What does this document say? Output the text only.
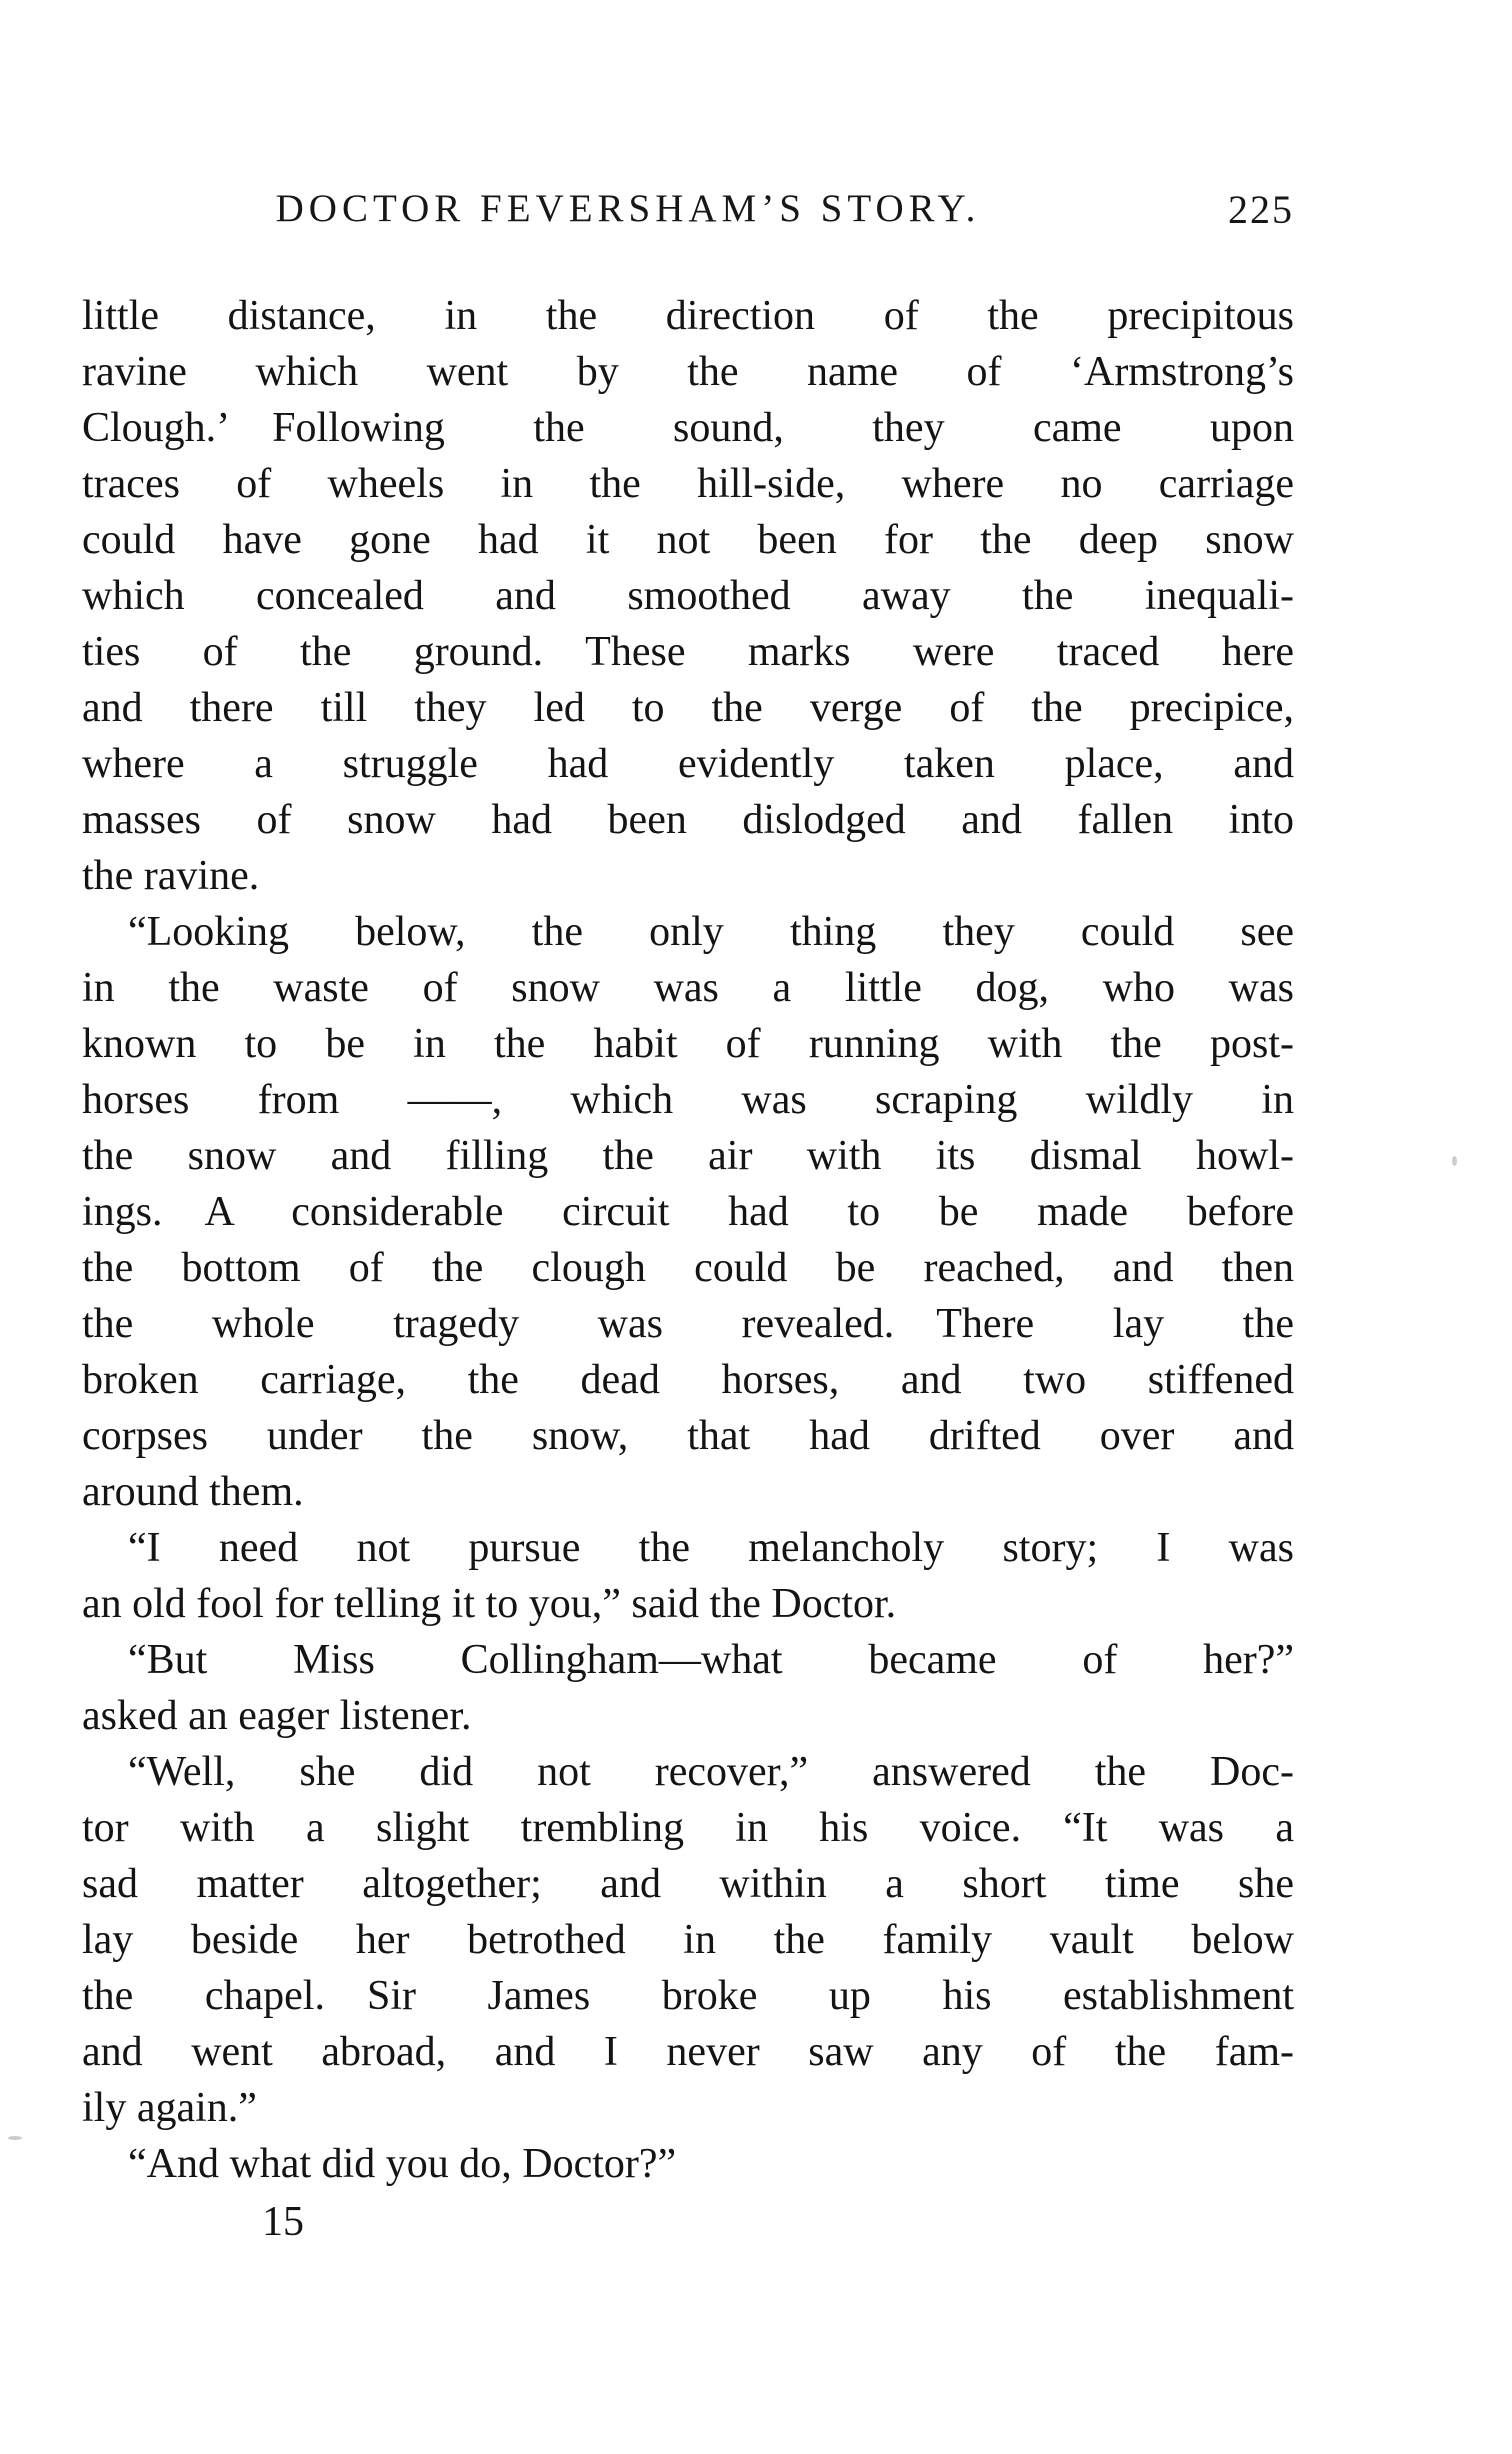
DOCTOR FEVERSHAM’S STORY.	225
little distance, in the direction of the precipitous
ravine which went by the name of ‘Armstrong’s
Clough.’  Following the sound, they came upon
traces of wheels in the hill-side, where no carriage
could have gone had it not been for the deep snow
which concealed and smoothed away the inequali-
ties of the ground.  These marks were traced here
and there till they led to the verge of the precipice,
where a struggle had evidently taken place, and
masses of snow had been dislodged and fallen into
the ravine.
“Looking below, the only thing they could see
in the waste of snow was a little dog, who was
known to be in the habit of running with the post-
horses from ——, which was scraping wildly in
the snow and filling the air with its dismal howl-
ings.  A considerable circuit had to be made before
the bottom of the clough could be reached, and then
the whole tragedy was revealed.  There lay the
broken carriage, the dead horses, and two stiffened
corpses under the snow, that had drifted over and
around them.
“I need not pursue the melancholy story; I was
an old fool for telling it to you,” said the Doctor.
“But Miss Collingham—what became of her?”
asked an eager listener.
“Well, she did not recover,” answered the Doc-
tor with a slight trembling in his voice.  “It was a
sad matter altogether; and within a short time she
lay beside her betrothed in the family vault below
the chapel.  Sir James broke up his establishment
and went abroad, and I never saw any of the fam-
ily again.”
“And what did you do, Doctor?”
15
